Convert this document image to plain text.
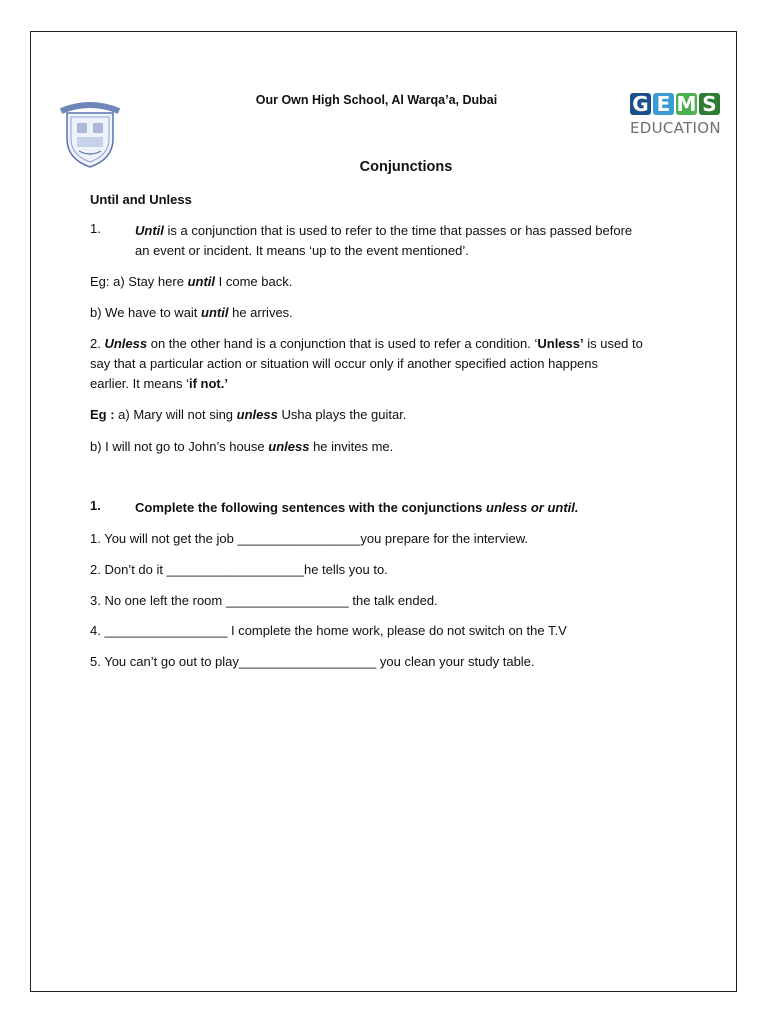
Our Own High School, Al Warqa’a, Dubai	G E M S
EDUCATION
Conjunctions
Until and Unless
1.	Until is a conjunction that is used to refer to the time that passes or has passed before
an event or incident. It means ‘up to the event mentioned’.
Eg: a) Stay here until I come back.
b) We have to wait until he arrives.
2. Unless on the other hand is a conjunction that is used to refer a condition. ‘Unless’ is used to
say that a particular action or situation will occur only if another specified action happens
earlier. It means ‘if not.’
Eg : a) Mary will not sing unless Usha plays the guitar.
b) I will not go to John’s house unless he invites me.
1.	Complete the following sentences with the conjunctions unless or until.
1. You will not get the job _________________you prepare for the interview.
2. Don’t do it ___________________he tells you to.
3. No one left the room _________________ the talk ended.
4. _________________ I complete the home work, please do not switch on the T.V
5. You can’t go out to play___________________ you clean your study table.
